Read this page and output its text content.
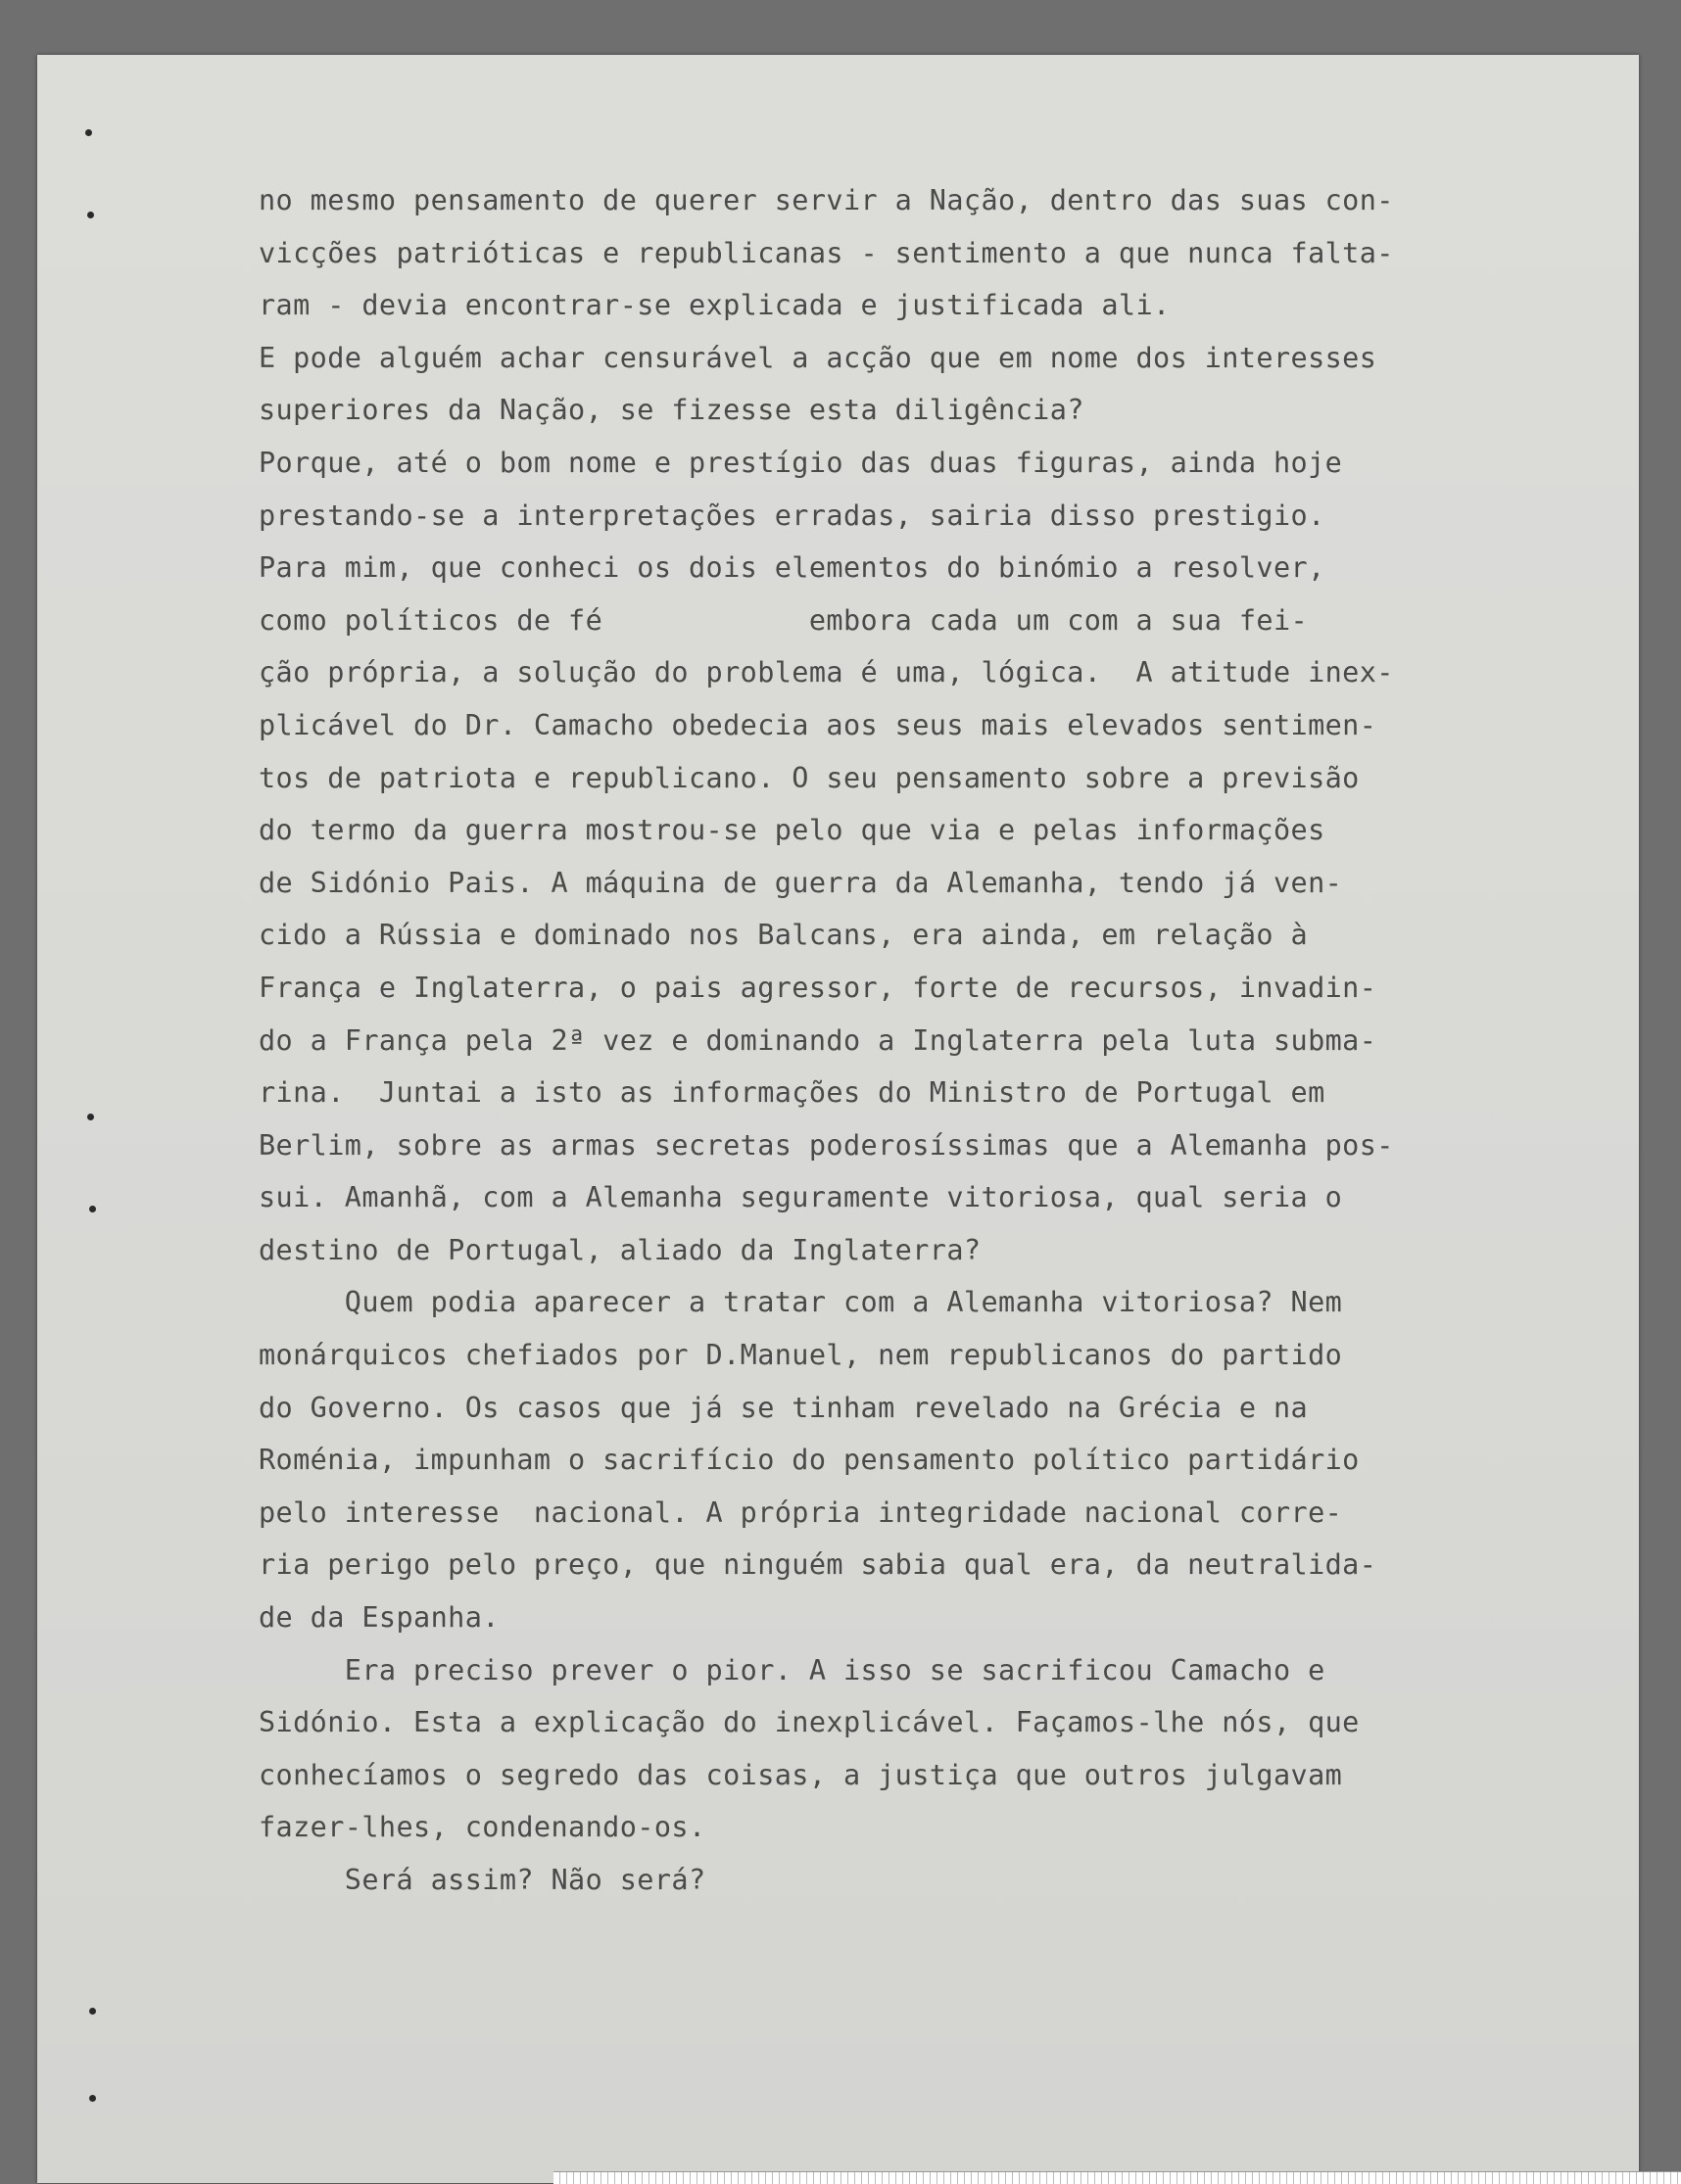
no mesmo pensamento de querer servir a Nação, dentro das suas con-
vicções patrióticas e republicanas - sentimento a que nunca falta-
ram - devia encontrar-se explicada e justificada ali.
E pode alguém achar censurável a acção que em nome dos interesses
superiores da Nação, se fizesse esta diligência?
Porque, até o bom nome e prestígio das duas figuras, ainda hoje
prestando-se a interpretações erradas, sairia disso prestigio.
Para mim, que conheci os dois elementos do binómio a resolver,
como políticos de fé            embora cada um com a sua fei-
ção própria, a solução do problema é uma, lógica.  A atitude inex-
plicável do Dr. Camacho obedecia aos seus mais elevados sentimen-
tos de patriota e republicano. O seu pensamento sobre a previsão
do termo da guerra mostrou-se pelo que via e pelas informações
de Sidónio Pais. A máquina de guerra da Alemanha, tendo já ven-
cido a Rússia e dominado nos Balcans, era ainda, em relação à
França e Inglaterra, o pais agressor, forte de recursos, invadin-
do a França pela 2ª vez e dominando a Inglaterra pela luta subma-
rina.  Juntai a isto as informações do Ministro de Portugal em
Berlim, sobre as armas secretas poderosíssimas que a Alemanha pos-
sui. Amanhã, com a Alemanha seguramente vitoriosa, qual seria o
destino de Portugal, aliado da Inglaterra?
Quem podia aparecer a tratar com a Alemanha vitoriosa? Nem
monárquicos chefiados por D.Manuel, nem republicanos do partido
do Governo. Os casos que já se tinham revelado na Grécia e na
Roménia, impunham o sacrifício do pensamento político partidário
pelo interesse  nacional. A própria integridade nacional corre-
ria perigo pelo preço, que ninguém sabia qual era, da neutralida-
de da Espanha.
Era preciso prever o pior. A isso se sacrificou Camacho e
Sidónio. Esta a explicação do inexplicável. Façamos-lhe nós, que
conhecíamos o segredo das coisas, a justiça que outros julgavam
fazer-lhes, condenando-os.
Será assim? Não será?
